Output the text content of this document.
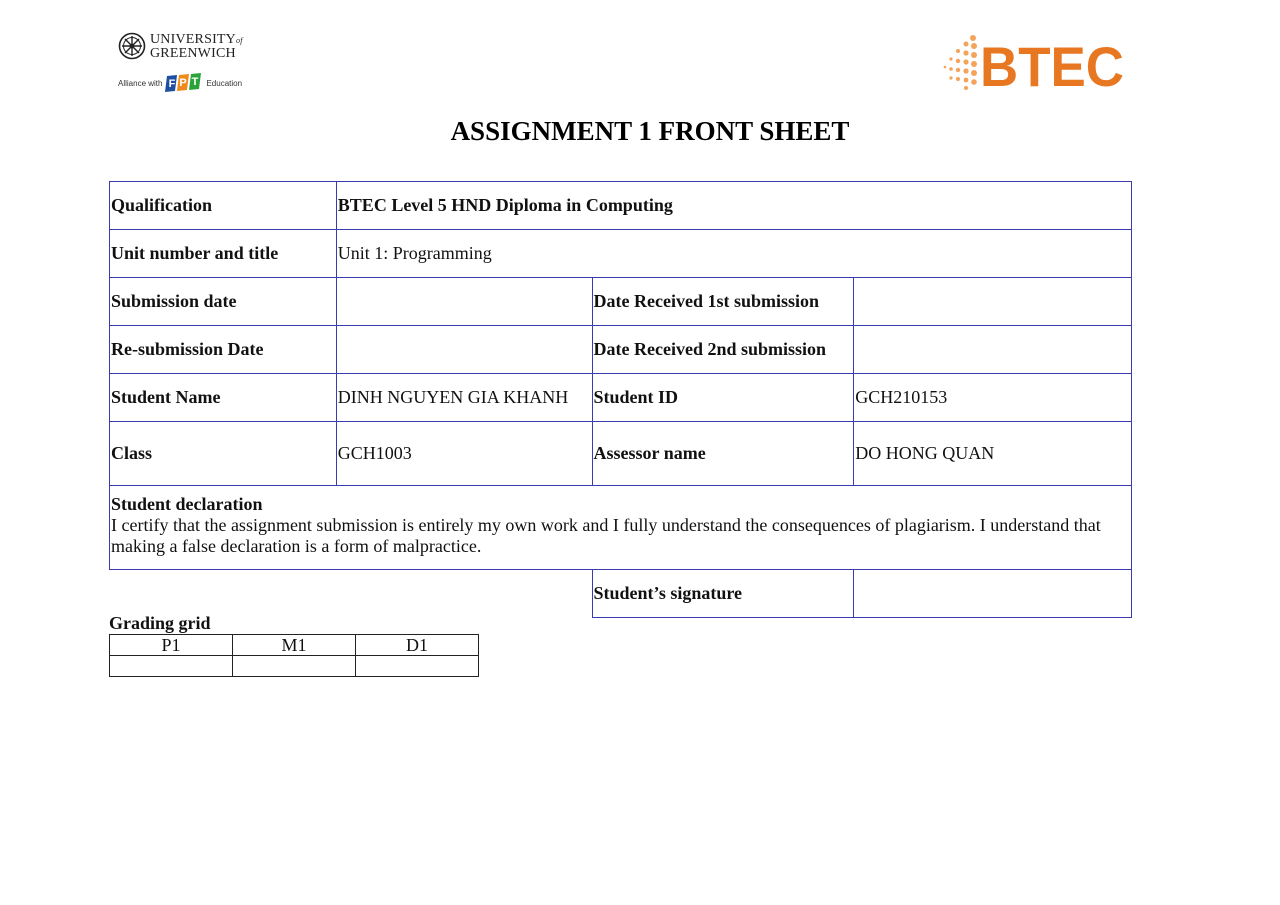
UNIVERSITYof
GREENWICH
Alliance with F P T Education	BTEC
ASSIGNMENT 1 FRONT SHEET
Qualification	BTEC Level 5 HND Diploma in Computing		
Unit number and title	Unit 1: Programming		
Submission date		Date Received 1st submission	
Re-submission Date		Date Received 2nd submission	
Student Name	DINH NGUYEN GIA KHANH	Student ID	GCH210153
Class	GCH1003	Assessor name	DO HONG QUAN

Student declaration
I certify that the assignment submission is entirely my own work and I fully understand the consequences of plagiarism. I understand that making a false declaration is a form of malpractice.			

		Student’s signature	
Grading grid
P1	M1	D1
